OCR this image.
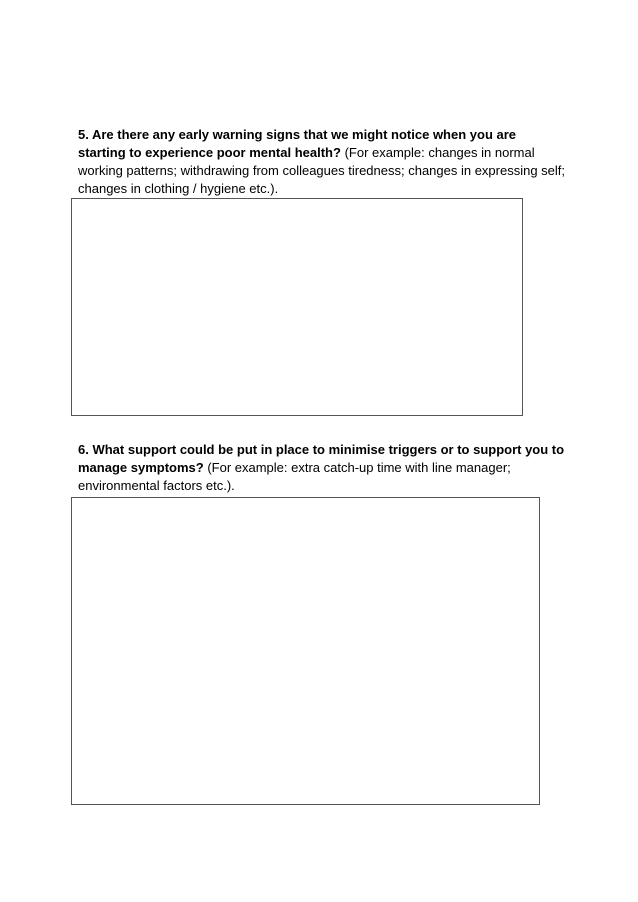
5. Are there any early warning signs that we might notice when you are starting to experience poor mental health? (For example: changes in normal working patterns; withdrawing from colleagues tiredness; changes in expressing self; changes in clothing / hygiene etc.).

6. What support could be put in place to minimise triggers or to support you to manage symptoms? (For example: extra catch-up time with line manager; environmental factors etc.).
